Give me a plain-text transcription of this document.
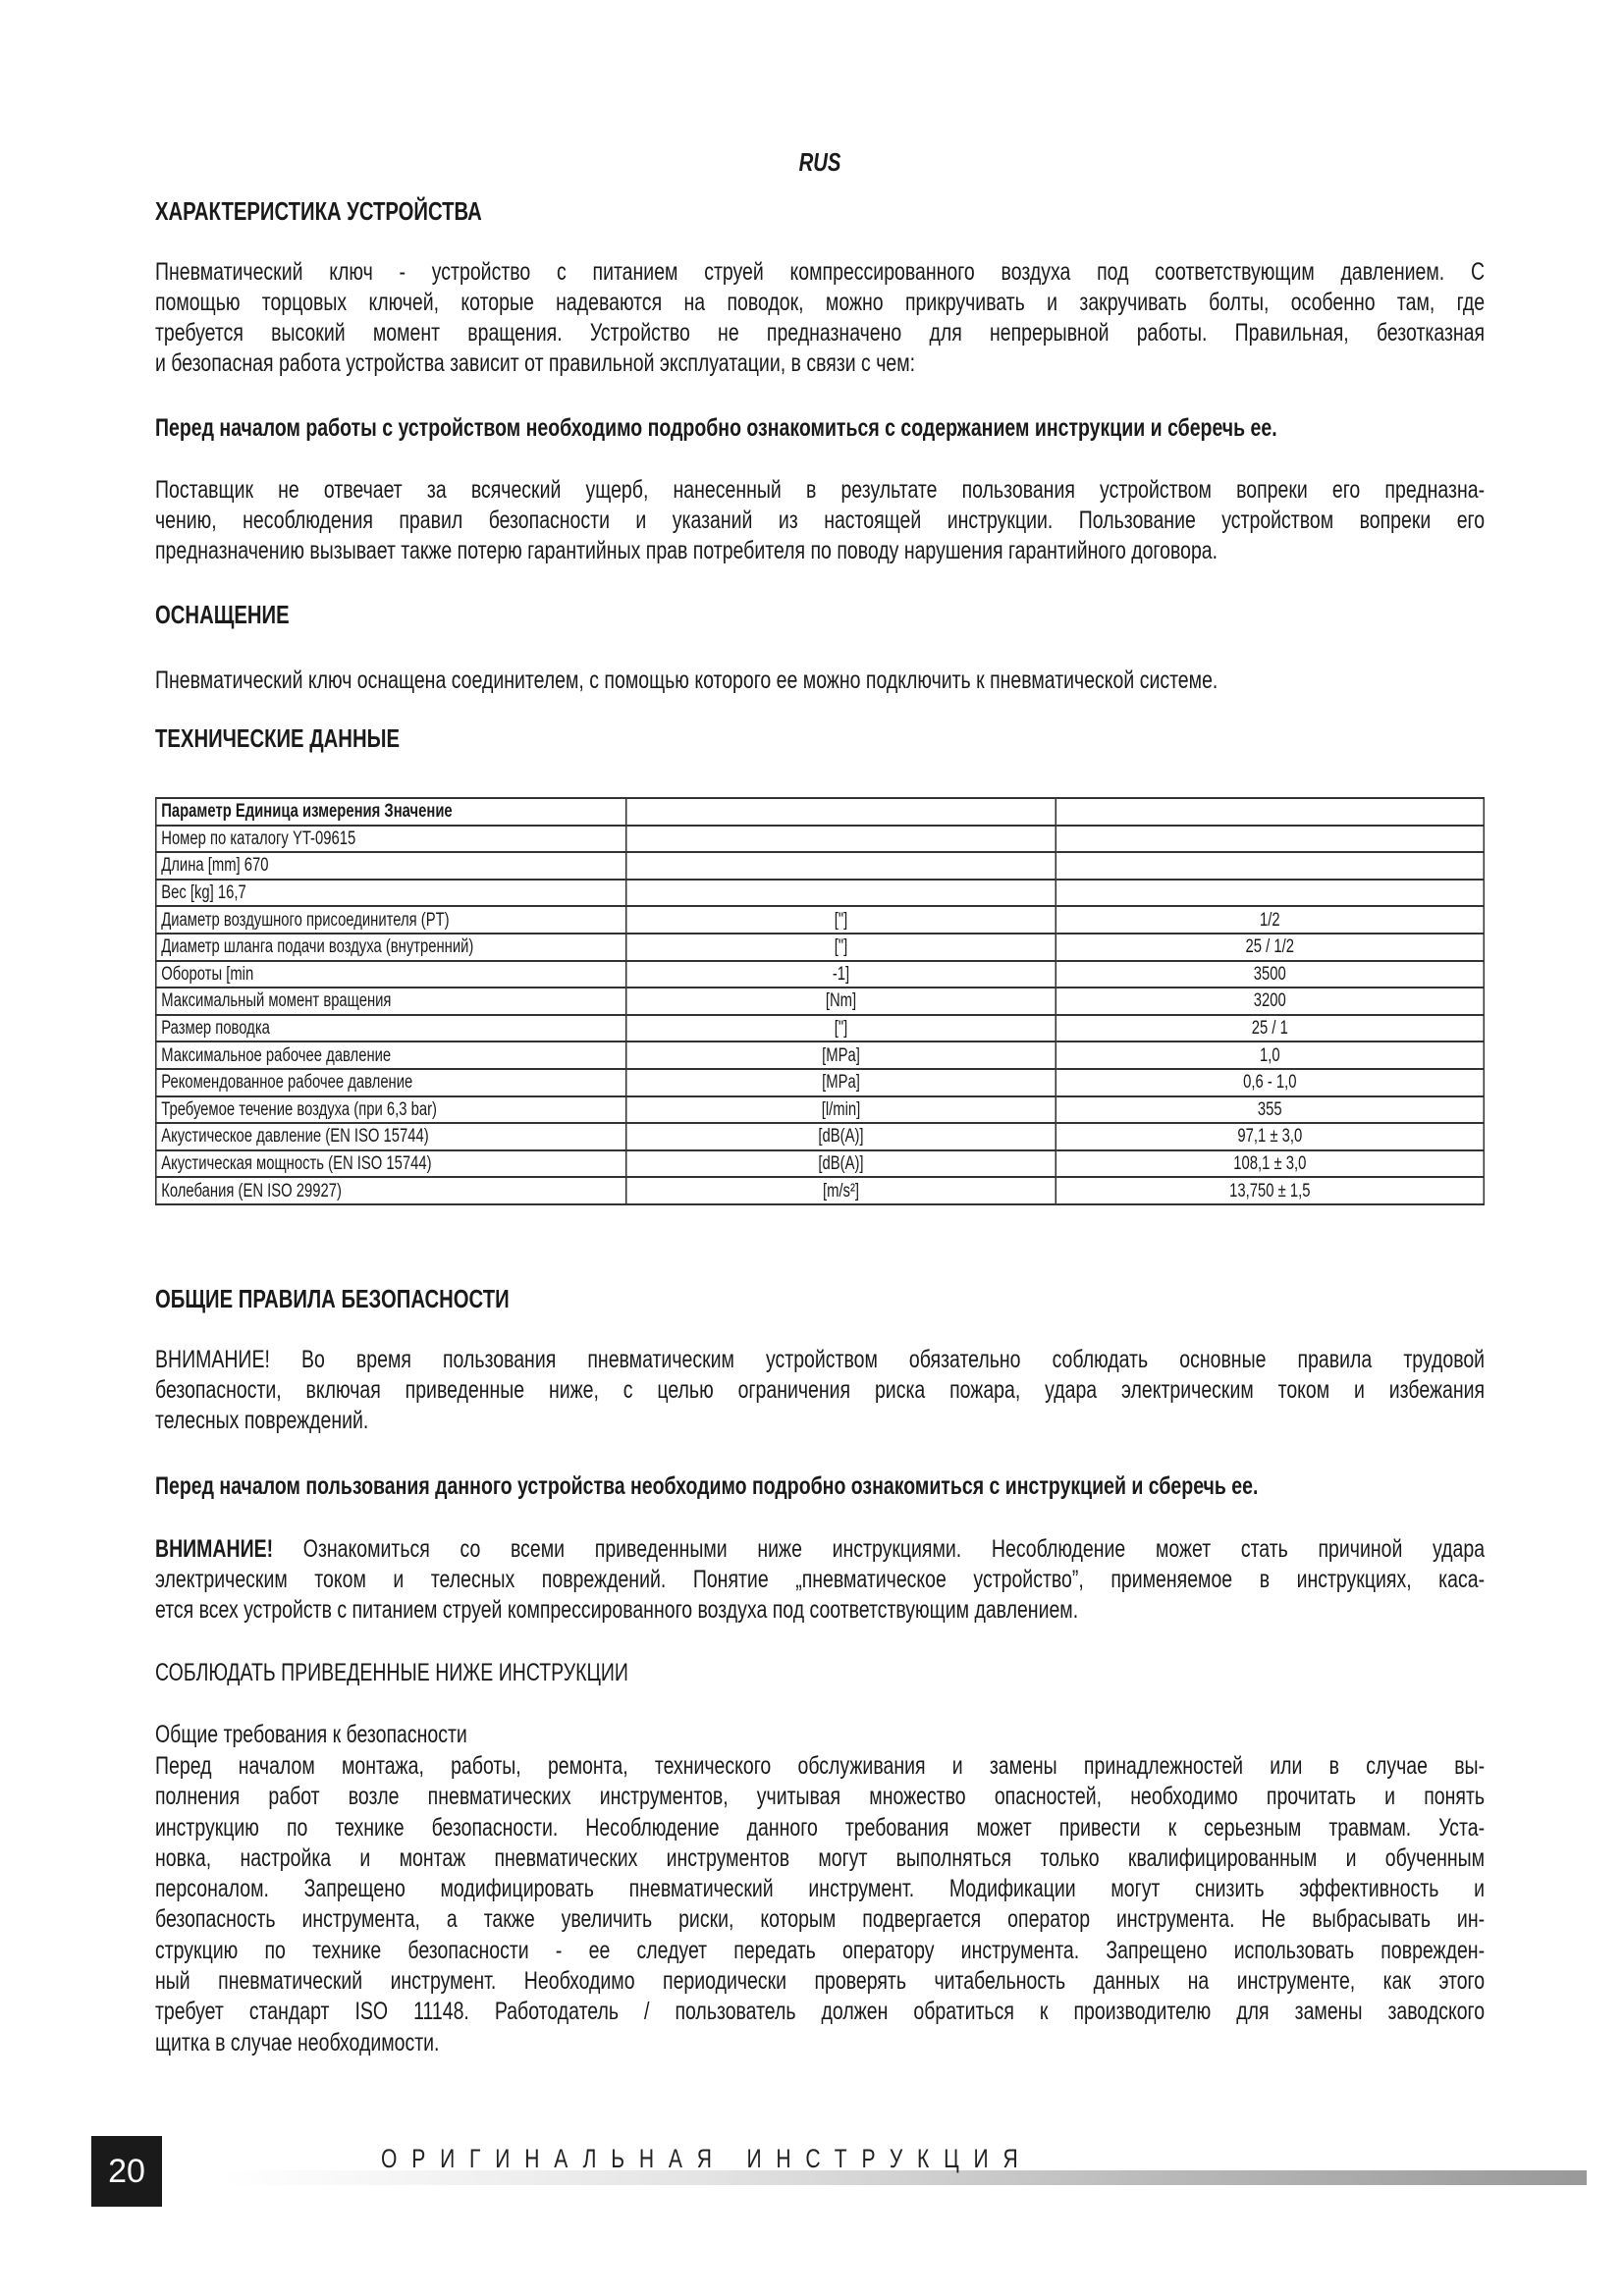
RUS
ХАРАКТЕРИСТИКА УСТРОЙСТВА
Пневматический ключ - устройство с питанием струей компрессированного воздуха под соответствующим давлением. С
помощью торцовых ключей, которые надеваются на поводок, можно прикручивать и закручивать болты, особенно там, где
требуется высокий момент вращения. Устройство не предназначено для непрерывной работы. Правильная, безотказная
и безопасная работа устройства зависит от правильной эксплуатации, в связи с чем:
Перед началом работы с устройством необходимо подробно ознакомиться с содержанием инструкции и сберечь ее.
Поставщик не отвечает за всяческий ущерб, нанесенный в результате пользования устройством вопреки его предназна-
чению, несоблюдения правил безопасности и указаний из настоящей инструкции. Пользование устройством вопреки его
предназначению вызывает также потерю гарантийных прав потребителя по поводу нарушения гарантийного договора.
ОСНАЩЕНИЕ
Пневматический ключ оснащена соединителем, с помощью которого ее можно подключить к пневматической системе.
ТЕХНИЧЕСКИЕ ДАННЫЕ
Параметр Единица измерения Значение		
Номер по каталогу YT-09615		
Длина [mm] 670		
Вес [kg] 16,7		
Диаметр воздушного присоединителя (PT)	["]	1/2
Диаметр шланга подачи воздуха (внутренний)	["]	25 / 1/2
Обороты [min	-1]	3500
Максимальный момент вращения	[Nm]	3200
Размер поводка	["]	25 / 1
Максимальное рабочее давление	[MPa]	1,0
Рекомендованное рабочее давление	[MPa]	0,6 - 1,0
Требуемое течение воздуха (при 6,3 bar)	[l/min]	355
Акустическое давление (EN ISO 15744)	[dB(A)]	97,1 ± 3,0
Акустическая мощность (EN ISO 15744)	[dB(A)]	108,1 ± 3,0
Колебания (EN ISO 29927)	[m/s²]	13,750 ± 1,5
ОБЩИЕ ПРАВИЛА БЕЗОПАСНОСТИ
ВНИМАНИЕ! Во время пользования пневматическим устройством обязательно соблюдать основные правила трудовой
безопасности, включая приведенные ниже, с целью ограничения риска пожара, удара электрическим током и избежания
телесных повреждений.
Перед началом пользования данного устройства необходимо подробно ознакомиться с инструкцией и сберечь ее.
ВНИМАНИЕ! Ознакомиться со всеми приведенными ниже инструкциями. Несоблюдение может стать причиной удара
электрическим током и телесных повреждений. Понятие „пневматическое устройство”, применяемое в инструкциях, каса-
ется всех устройств с питанием струей компрессированного воздуха под соответствующим давлением.
СОБЛЮДАТЬ ПРИВЕДЕННЫЕ НИЖЕ ИНСТРУКЦИИ
Общие требования к безопасности
Перед началом монтажа, работы, ремонта, технического обслуживания и замены принадлежностей или в случае вы-
полнения работ возле пневматических инструментов, учитывая множество опасностей, необходимо прочитать и понять
инструкцию по технике безопасности. Несоблюдение данного требования может привести к серьезным травмам. Уста-
новка, настройка и монтаж пневматических инструментов могут выполняться только квалифицированным и обученным
персоналом. Запрещено модифицировать пневматический инструмент. Модификации могут снизить эффективность и
безопасность инструмента, а также увеличить риски, которым подвергается оператор инструмента. Не выбрасывать ин-
струкцию по технике безопасности - ее следует передать оператору инструмента. Запрещено использовать поврежден-
ный пневматический инструмент. Необходимо периодически проверять читабельность данных на инструменте, как этого
требует стандарт ISO 11148. Работодатель / пользователь должен обратиться к производителю для замены заводского
щитка в случае необходимости.
20	ОРИГИНАЛЬНАЯ ИНСТРУКЦИЯ
